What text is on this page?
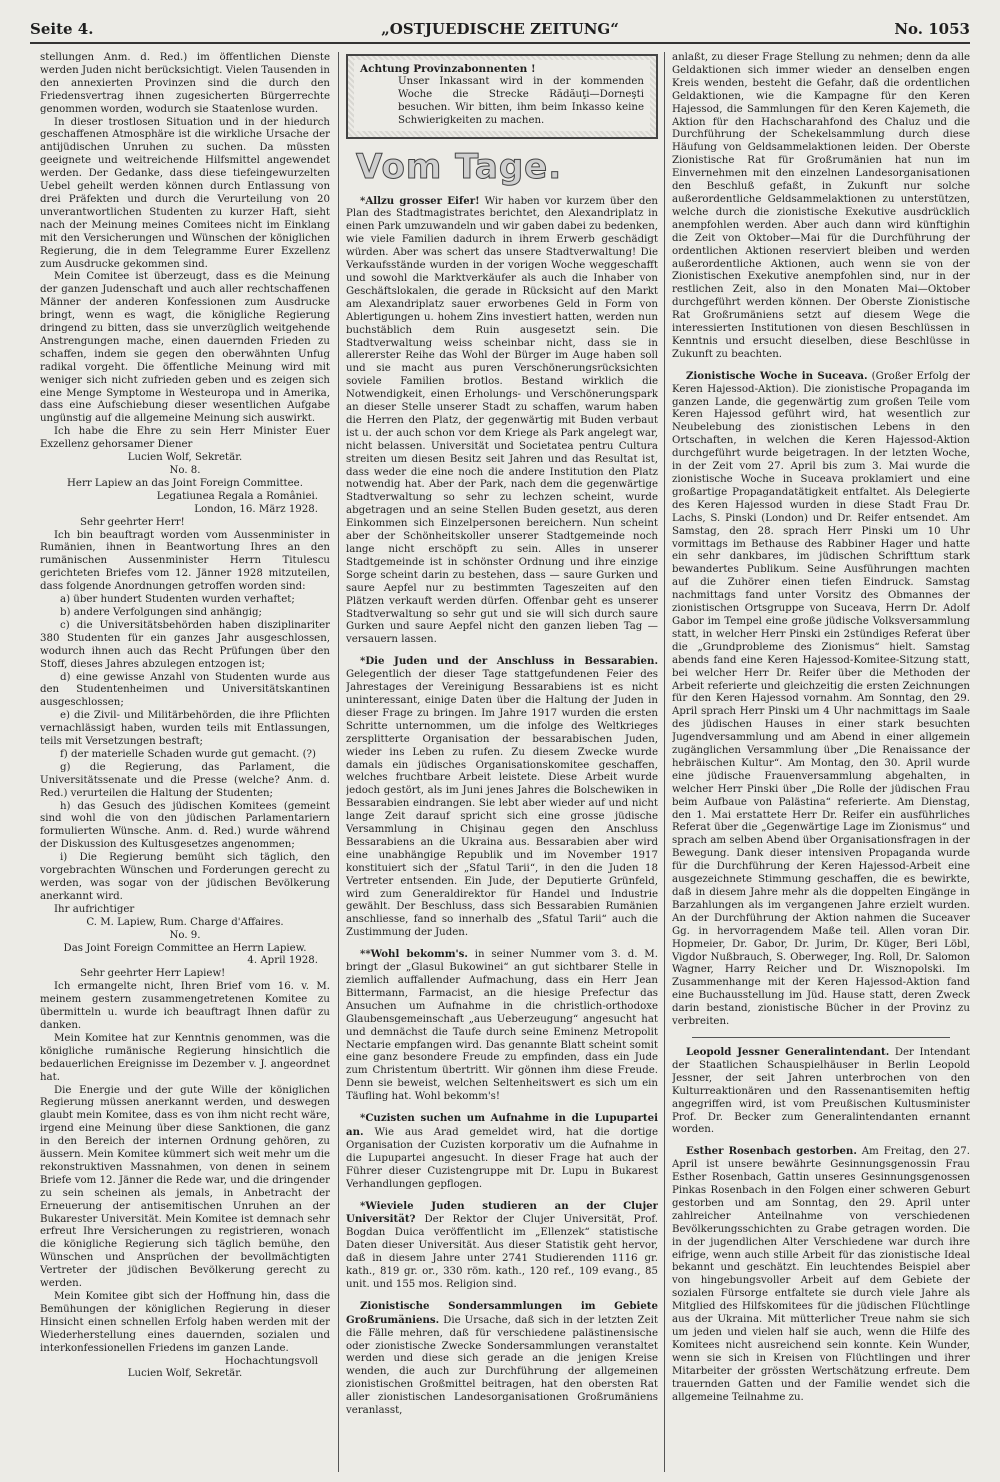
Seite 4.	„OSTJUEDISCHE ZEITUNG“	No. 1053

stellungen Anm. d. Red.) im öffentlichen Dienste werden Juden nicht berücksichtigt. Vielen Tausenden in den annexierten Provinzen sind die durch den Friedensvertrag ihnen zugesicherten Bürgerrechte genommen worden, wodurch sie Staatenlose wurden.

In dieser trostlosen Situation und in der hiedurch geschaffenen Atmosphäre ist die wirkliche Ursache der antijüdischen Unruhen zu suchen. Da müssten geeignete und weitreichende Hilfsmittel angewendet werden. Der Gedanke, dass diese tiefeingewurzelten Uebel geheilt werden können durch Entlassung von drei Präfekten und durch die Verurteilung von 20 unverantwortlichen Studenten zu kurzer Haft, sieht nach der Meinung meines Comitees nicht im Einklang mit den Versicherungen und Wünschen der königlichen Regierung, die in dem Telegramme Eurer Exzellenz zum Ausdrucke gekommen sind.

Mein Comitee ist überzeugt, dass es die Meinung der ganzen Judenschaft und auch aller rechtschaffenen Männer der anderen Konfessionen zum Ausdrucke bringt, wenn es wagt, die königliche Regierung dringend zu bitten, dass sie unverzüglich weitgehende Anstrengungen mache, einen dauernden Frieden zu schaffen, indem sie gegen den oberwähnten Unfug radikal vorgeht. Die öffentliche Meinung wird mit weniger sich nicht zufrieden geben und es zeigen sich eine Menge Symptome in Westeuropa und in Amerika, dass eine Aufschiebung dieser wesentlichen Aufgabe ungünstig auf die allgemeine Meinung sich auswirkt.

Ich habe die Ehre zu sein Herr Minister Euer Exzellenz gehorsamer Diener

Lucien Wolf, Sekretär.

No. 8.

Herr Lapiew an das Joint Foreign Committee.

Legatiunea Regala a României.

London, 16. März 1928.

Sehr geehrter Herr!

Ich bin beauftragt worden vom Aussenminister in Rumänien, ihnen in Beantwortung Ihres an den rumänischen Aussenminister Herrn Titulescu gerichteten Briefes vom 12. Jänner 1928 mitzuteilen, dass folgende Anordnungen getroffen worden sind:

a) über hundert Studenten wurden verhaftet;

b) andere Verfolgungen sind anhängig;

c) die Universitätsbehörden haben disziplinariter 380 Studenten für ein ganzes Jahr ausgeschlossen, wodurch ihnen auch das Recht Prüfungen über den Stoff, dieses Jahres abzulegen entzogen ist;

d) eine gewisse Anzahl von Studenten wurde aus den Studentenheimen und Universitätskantinen ausgeschlossen;

e) die Zivil- und Militärbehörden, die ihre Pflichten vernachlässigt haben, wurden teils mit Entlassungen, teils mit Versetzungen bestraft;

f) der materielle Schaden wurde gut gemacht. (?)

g) die Regierung, das Parlament, die Universitätssenate und die Presse (welche? Anm. d. Red.) verurteilen die Haltung der Studenten;

h) das Gesuch des jüdischen Komitees (gemeint sind wohl die von den jüdischen Parlamentariern formulierten Wünsche. Anm. d. Red.) wurde während der Diskussion des Kultusgesetzes angenommen;

i) Die Regierung bemüht sich täglich, den vorgebrachten Wünschen und Forderungen gerecht zu werden, was sogar von der jüdischen Bevölkerung anerkannt wird.

Ihr aufrichtiger

C. M. Lapiew, Rum. Charge d'Affaires.

No. 9.

Das Joint Foreign Committee an Herrn Lapiew.

4. April 1928.

Sehr geehrter Herr Lapiew!

Ich ermangelte nicht, Ihren Brief vom 16. v. M. meinem gestern zusammengetretenen Komitee zu übermitteln u. wurde ich beauftragt Ihnen dafür zu danken.

Mein Komitee hat zur Kenntnis genommen, was die königliche rumänische Regierung hinsichtlich die bedauerlichen Ereignisse im Dezember v. J. angeordnet hat.

Die Energie und der gute Wille der königlichen Regierung müssen anerkannt werden, und deswegen glaubt mein Komitee, dass es von ihm nicht recht wäre, irgend eine Meinung über diese Sanktionen, die ganz in den Bereich der internen Ordnung gehören, zu äussern. Mein Komitee kümmert sich weit mehr um die rekonstruktiven Massnahmen, von denen in seinem Briefe vom 12. Jänner die Rede war, und die dringender zu sein scheinen als jemals, in Anbetracht der Erneuerung der antisemitischen Unruhen an der Bukarester Universität. Mein Komitee ist demnach sehr erfreut Ihre Versicherungen zu registrieren, wonach die königliche Regierung sich täglich bemühe, den Wünschen und Ansprüchen der bevollmächtigten Vertreter der jüdischen Bevölkerung gerecht zu werden.

Mein Komitee gibt sich der Hoffnung hin, dass die Bemühungen der königlichen Regierung in dieser Hinsicht einen schnellen Erfolg haben werden mit der Wiederherstellung eines dauernden, sozialen und interkonfessionellen Friedens im ganzen Lande.

Hochachtungsvoll

Lucien Wolf, Sekretär.

Achtung Provinzabonnenten !

Unser Inkassant wird in der kommenden Woche die Strecke Rădăuţi—Dorneşti besuchen. Wir bitten, ihm beim Inkasso keine Schwierigkeiten zu machen.

Vom Tage.

*Allzu grosser Eifer! Wir haben vor kurzem über den Plan des Stadtmagistrates berichtet, den Alexandriplatz in einen Park umzuwandeln und wir gaben dabei zu bedenken, wie viele Familien dadurch in ihrem Erwerb geschädigt würden. Aber was schert das unsere Stadtverwaltung! Die Verkaufsstände wurden in der vorigen Woche weggeschafft und sowohl die Marktverkäufer als auch die Inhaber von Geschäftslokalen, die gerade in Rücksicht auf den Markt am Alexandriplatz sauer erworbenes Geld in Form von Ablertigungen u. hohem Zins investiert hatten, werden nun buchstäblich dem Ruin ausgesetzt sein. Die Stadtverwaltung weiss scheinbar nicht, dass sie in allererster Reihe das Wohl der Bürger im Auge haben soll und sie macht aus puren Verschönerungsrücksichten soviele Familien brotlos. Bestand wirklich die Notwendigkeit, einen Erholungs- und Verschönerungspark an dieser Stelle unserer Stadt zu schaffen, warum haben die Herren den Platz, der gegenwärtig mit Buden verbaut ist u. der auch schon vor dem Kriege als Park angelegt war, nicht belassen. Universität und Societatea pentru Cultura streiten um diesen Besitz seit Jahren und das Resultat ist, dass weder die eine noch die andere Institution den Platz notwendig hat. Aber der Park, nach dem die gegenwärtige Stadtverwaltung so sehr zu lechzen scheint, wurde abgetragen und an seine Stellen Buden gesetzt, aus deren Einkommen sich Einzelpersonen bereichern. Nun scheint aber der Schönheitskoller unserer Stadtgemeinde noch lange nicht erschöpft zu sein. Alles in unserer Stadtgemeinde ist in schönster Ordnung und ihre einzige Sorge scheint darin zu bestehen, dass — saure Gurken und saure Aepfel nur zu bestimmten Tageszeiten auf den Plätzen verkauft werden dürfen. Offenbar geht es unserer Stadtverwaltung so sehr gut und sie will sich durch saure Gurken und saure Aepfel nicht den ganzen lieben Tag — versauern lassen.

*Die Juden und der Anschluss in Bessarabien. Gelegentlich der dieser Tage stattgefundenen Feier des Jahrestages der Vereinigung Bessarabiens ist es nicht uninteressant, einige Daten über die Haltung der Juden in dieser Frage zu bringen. Im Jahre 1917 wurden die ersten Schritte unternommen, um die infolge des Weltkrieges zersplitterte Organisation der bessarabischen Juden, wieder ins Leben zu rufen. Zu diesem Zwecke wurde damals ein jüdisches Organisationskomitee geschaffen, welches fruchtbare Arbeit leistete. Diese Arbeit wurde jedoch gestört, als im Juni jenes Jahres die Bolschewiken in Bessarabien eindrangen. Sie lebt aber wieder auf und nicht lange Zeit darauf spricht sich eine grosse jüdische Versammlung in Chişinau gegen den Anschluss Bessarabiens an die Ukraina aus. Bessarabien aber wird eine unabhängige Republik und im November 1917 konstituiert sich der „Sfatul Tarii“, in den die Juden 18 Vertreter entsenden. Ein Jude, der Deputierte Grünfeld, wird zum Generaldirektor für Handel und Industrie gewählt. Der Beschluss, dass sich Bessarabien Rumänien anschliesse, fand so innerhalb des „Sfatul Tarii“ auch die Zustimmung der Juden.

**Wohl bekomm's. in seiner Nummer vom 3. d. M. bringt der „Glasul Bukowinei“ an gut sichtbarer Stelle in ziemlich auffallender Aufmachung, dass ein Herr Jean Bittermann, Farmacist, an die hiesige Prefectur das Ansuchen um Aufnahme in die christlich-orthodoxe Glaubensgemeinschaft „aus Ueberzeugung“ angesucht hat und demnächst die Taufe durch seine Eminenz Metropolit Nectarie empfangen wird. Das genannte Blatt scheint somit eine ganz besondere Freude zu empfinden, dass ein Jude zum Christentum übertritt. Wir gönnen ihm diese Freude. Denn sie beweist, welchen Seltenheitswert es sich um ein Täufling hat. Wohl bekomm's!

*Cuzisten suchen um Aufnahme in die Lupupartei an. Wie aus Arad gemeldet wird, hat die dortige Organisation der Cuzisten korporativ um die Aufnahme in die Lupupartei angesucht. In dieser Frage hat auch der Führer dieser Cuzistengruppe mit Dr. Lupu in Bukarest Verhandlungen gepflogen.

*Wieviele Juden studieren an der Clujer Universität? Der Rektor der Clujer Universität, Prof. Bogdan Duica veröffentlicht im „Ellenzek“ statistische Daten dieser Universität. Aus dieser Statistik geht hervor, daß in diesem Jahre unter 2741 Studierenden 1116 gr. kath., 819 gr. or., 330 röm. kath., 120 ref., 109 evang., 85 unit. und 155 mos. Religion sind.

Zionistische Sondersammlungen im Gebiete Großrumäniens. Die Ursache, daß sich in der letzten Zeit die Fälle mehren, daß für verschiedene palästinensische oder zionistische Zwecke Sondersammlungen veranstaltet werden und diese sich gerade an die jenigen Kreise wenden, die auch zur Durchführung der allgemeinen zionistischen Großmittel beitragen, hat den obersten Rat aller zionistischen Landesorganisationen Großrumäniens veranlasst,

anlaßt, zu dieser Frage Stellung zu nehmen; denn da alle Geldaktionen sich immer wieder an denselben engen Kreis wenden, besteht die Gefahr, daß die ordentlichen Geldaktionen, wie die Kampagne für den Keren Hajessod, die Sammlungen für den Keren Kajemeth, die Aktion für den Hachscharahfond des Chaluz und die Durchführung der Schekelsammlung durch diese Häufung von Geldsammelaktionen leiden. Der Oberste Zionistische Rat für Großrumänien hat nun im Einvernehmen mit den einzelnen Landesorganisationen den Beschluß gefaßt, in Zukunft nur solche außerordentliche Geldsammelaktionen zu unterstützen, welche durch die zionistische Exekutive ausdrücklich anempfohlen werden. Aber auch dann wird künftighin die Zeit von Oktober—Mai für die Durchführung der ordentlichen Aktionen reserviert bleiben und werden außerordentliche Aktionen, auch wenn sie von der Zionistischen Exekutive anempfohlen sind, nur in der restlichen Zeit, also in den Monaten Mai—Oktober durchgeführt werden können. Der Oberste Zionistische Rat Großrumäniens setzt auf diesem Wege die interessierten Institutionen von diesen Beschlüssen in Kenntnis und ersucht dieselben, diese Beschlüsse in Zukunft zu beachten.

Zionistische Woche in Suceava. (Großer Erfolg der Keren Hajessod-Aktion). Die zionistische Propaganda im ganzen Lande, die gegenwärtig zum großen Teile vom Keren Hajessod geführt wird, hat wesentlich zur Neubelebung des zionistischen Lebens in den Ortschaften, in welchen die Keren Hajessod-Aktion durchgeführt wurde beigetragen. In der letzten Woche, in der Zeit vom 27. April bis zum 3. Mai wurde die zionistische Woche in Suceava proklamiert und eine großartige Propagandatätigkeit entfaltet. Als Delegierte des Keren Hajessod wurden in diese Stadt Frau Dr. Lachs, S. Pinski (London) und Dr. Reifer entsendet. Am Samstag, den 28. sprach Herr Pinski um 10 Uhr vormittags im Bethause des Rabbiner Hager und hatte ein sehr dankbares, im jüdischen Schrifttum stark bewandertes Publikum. Seine Ausführungen machten auf die Zuhörer einen tiefen Eindruck. Samstag nachmittags fand unter Vorsitz des Obmannes der zionistischen Ortsgruppe von Suceava, Herrn Dr. Adolf Gabor im Tempel eine große jüdische Volksversammlung statt, in welcher Herr Pinski ein 2stündiges Referat über die „Grundprobleme des Zionismus“ hielt. Samstag abends fand eine Keren Hajessod-Komitee-Sitzung statt, bei welcher Herr Dr. Reifer über die Methoden der Arbeit referierte und gleichzeitig die ersten Zeichnungen für den Keren Hajessod vornahm. Am Sonntag, den 29. April sprach Herr Pinski um 4 Uhr nachmittags im Saale des jüdischen Hauses in einer stark besuchten Jugendversammlung und am Abend in einer allgemein zugänglichen Versammlung über „Die Renaissance der hebräischen Kultur“. Am Montag, den 30. April wurde eine jüdische Frauenversammlung abgehalten, in welcher Herr Pinski über „Die Rolle der jüdischen Frau beim Aufbaue von Palästina“ referierte. Am Dienstag, den 1. Mai erstattete Herr Dr. Reifer ein ausführliches Referat über die „Gegenwärtige Lage im Zionismus“ und sprach am selben Abend über Organisationsfragen in der Bewegung. Dank dieser intensiven Propaganda wurde für die Durchführung der Keren Hajessod-Arbeit eine ausgezeichnete Stimmung geschaffen, die es bewirkte, daß in diesem Jahre mehr als die doppelten Eingänge in Barzahlungen als im vergangenen Jahre erzielt wurden. An der Durchführung der Aktion nahmen die Suceaver Gg. in hervorragendem Maße teil. Allen voran Dir. Hopmeier, Dr. Gabor, Dr. Jurim, Dr. Küger, Beri Löbl, Vigdor Nußbrauch, S. Oberweger, Ing. Roll, Dr. Salomon Wagner, Harry Reicher und Dr. Wisznopolski. Im Zusammenhange mit der Keren Hajessod-Aktion fand eine Buchausstellung im Jüd. Hause statt, deren Zweck darin bestand, zionistische Bücher in der Provinz zu verbreiten.

Leopold Jessner Generalintendant. Der Intendant der Staatlichen Schauspielhäuser in Berlin Leopold Jessner, der seit Jahren unterbrochen von den Kulturreaktionären und den Rassenantisemiten heftig angegriffen wird, ist vom Preußischen Kultusminister Prof. Dr. Becker zum Generalintendanten ernannt worden.

Esther Rosenbach gestorben. Am Freitag, den 27. April ist unsere bewährte Gesinnungsgenossin Frau Esther Rosenbach, Gattin unseres Gesinnungsgenossen Pinkas Rosenbach in den Folgen einer schweren Geburt gestorben und am Sonntag, den 29. April unter zahlreicher Anteilnahme von verschiedenen Bevölkerungsschichten zu Grabe getragen worden. Die in der jugendlichen Alter Verschiedene war durch ihre eifrige, wenn auch stille Arbeit für das zionistische Ideal bekannt und geschätzt. Ein leuchtendes Beispiel aber von hingebungsvoller Arbeit auf dem Gebiete der sozialen Fürsorge entfaltete sie durch viele Jahre als Mitglied des Hilfskomitees für die jüdischen Flüchtlinge aus der Ukraina. Mit mütterlicher Treue nahm sie sich um jeden und vielen half sie auch, wenn die Hilfe des Komitees nicht ausreichend sein konnte. Kein Wunder, wenn sie sich in Kreisen von Flüchtlingen und ihrer Mitarbeiter der grössten Wertschätzung erfreute. Dem trauernden Gatten und der Familie wendet sich die allgemeine Teilnahme zu.
